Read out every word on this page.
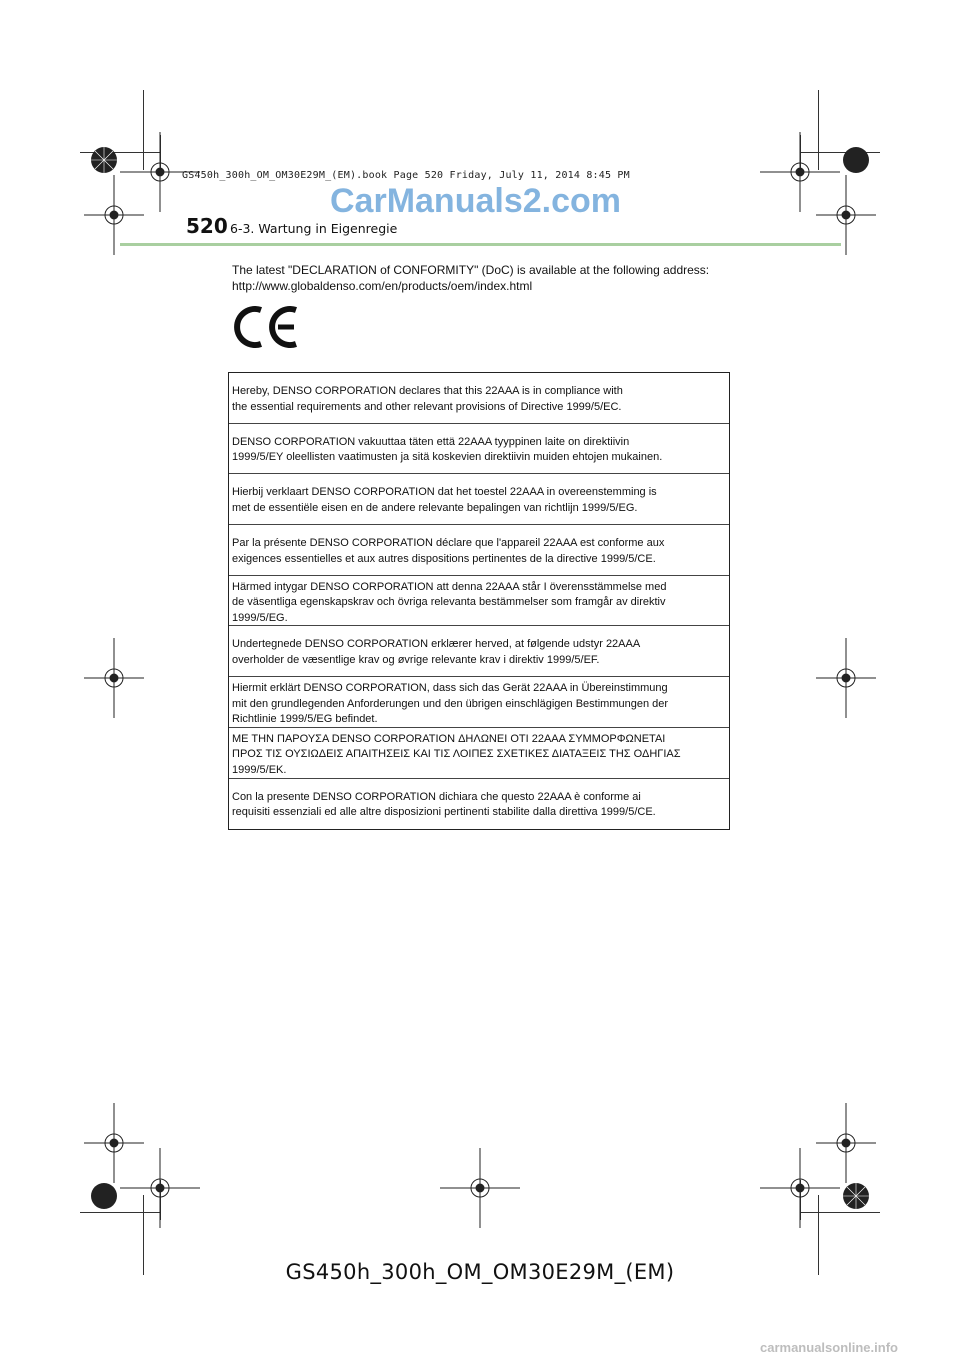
GS450h_300h_OM_OM30E29M_(EM).book Page 520 Friday, July 11, 2014 8:45 PM
CarManuals2.com
520 6-3. Wartung in Eigenregie
The latest "DECLARATION of CONFORMITY" (DoC) is available at the following address:
http://www.globaldenso.com/en/products/oem/index.html
Hereby, DENSO CORPORATION declares that this 22AAA is in compliance with
the essential requirements and other relevant provisions of Directive 1999/5/EC.
DENSO CORPORATION vakuuttaa täten että 22AAA tyyppinen laite on direktiivin
1999/5/EY oleellisten vaatimusten ja sitä koskevien direktiivin muiden ehtojen mukainen.
Hierbij verklaart DENSO CORPORATION dat het toestel 22AAA in overeenstemming is
met de essentiële eisen en de andere relevante bepalingen van richtlijn 1999/5/EG.
Par la présente DENSO CORPORATION déclare que l'appareil 22AAA est conforme aux
exigences essentielles et aux autres dispositions pertinentes de la directive 1999/5/CE.
Härmed intygar DENSO CORPORATION att denna 22AAA står I överensstämmelse med
de väsentliga egenskapskrav och övriga relevanta bestämmelser som framgår av direktiv
1999/5/EG.
Undertegnede DENSO CORPORATION erklærer herved, at følgende udstyr 22AAA
overholder de væsentlige krav og øvrige relevante krav i direktiv 1999/5/EF.
Hiermit erklärt DENSO CORPORATION, dass sich das Gerät 22AAA in Übereinstimmung
mit den grundlegenden Anforderungen und den übrigen einschlägigen Bestimmungen der
Richtlinie 1999/5/EG befindet.
ΜΕ ΤΗΝ ΠΑΡΟΥΣΑ DENSO CORPORATION ΔΗΛΩΝΕΙ ΟΤΙ 22AAA ΣΥΜΜΟΡΦΩΝΕΤΑΙ
ΠΡΟΣ ΤΙΣ ΟΥΣΙΩΔΕΙΣ ΑΠΑΙΤΗΣΕΙΣ ΚΑΙ ΤΙΣ ΛΟΙΠΕΣ ΣΧΕΤΙΚΕΣ ΔΙΑΤΑΞΕΙΣ ΤΗΣ ΟΔΗΓΙΑΣ
1999/5/ΕΚ.
Con la presente DENSO CORPORATION dichiara che questo 22AAA è conforme ai
requisiti essenziali ed alle altre disposizioni pertinenti stabilite dalla direttiva 1999/5/CE.
GS450h_300h_OM_OM30E29M_(EM)
carmanualsonline.info
